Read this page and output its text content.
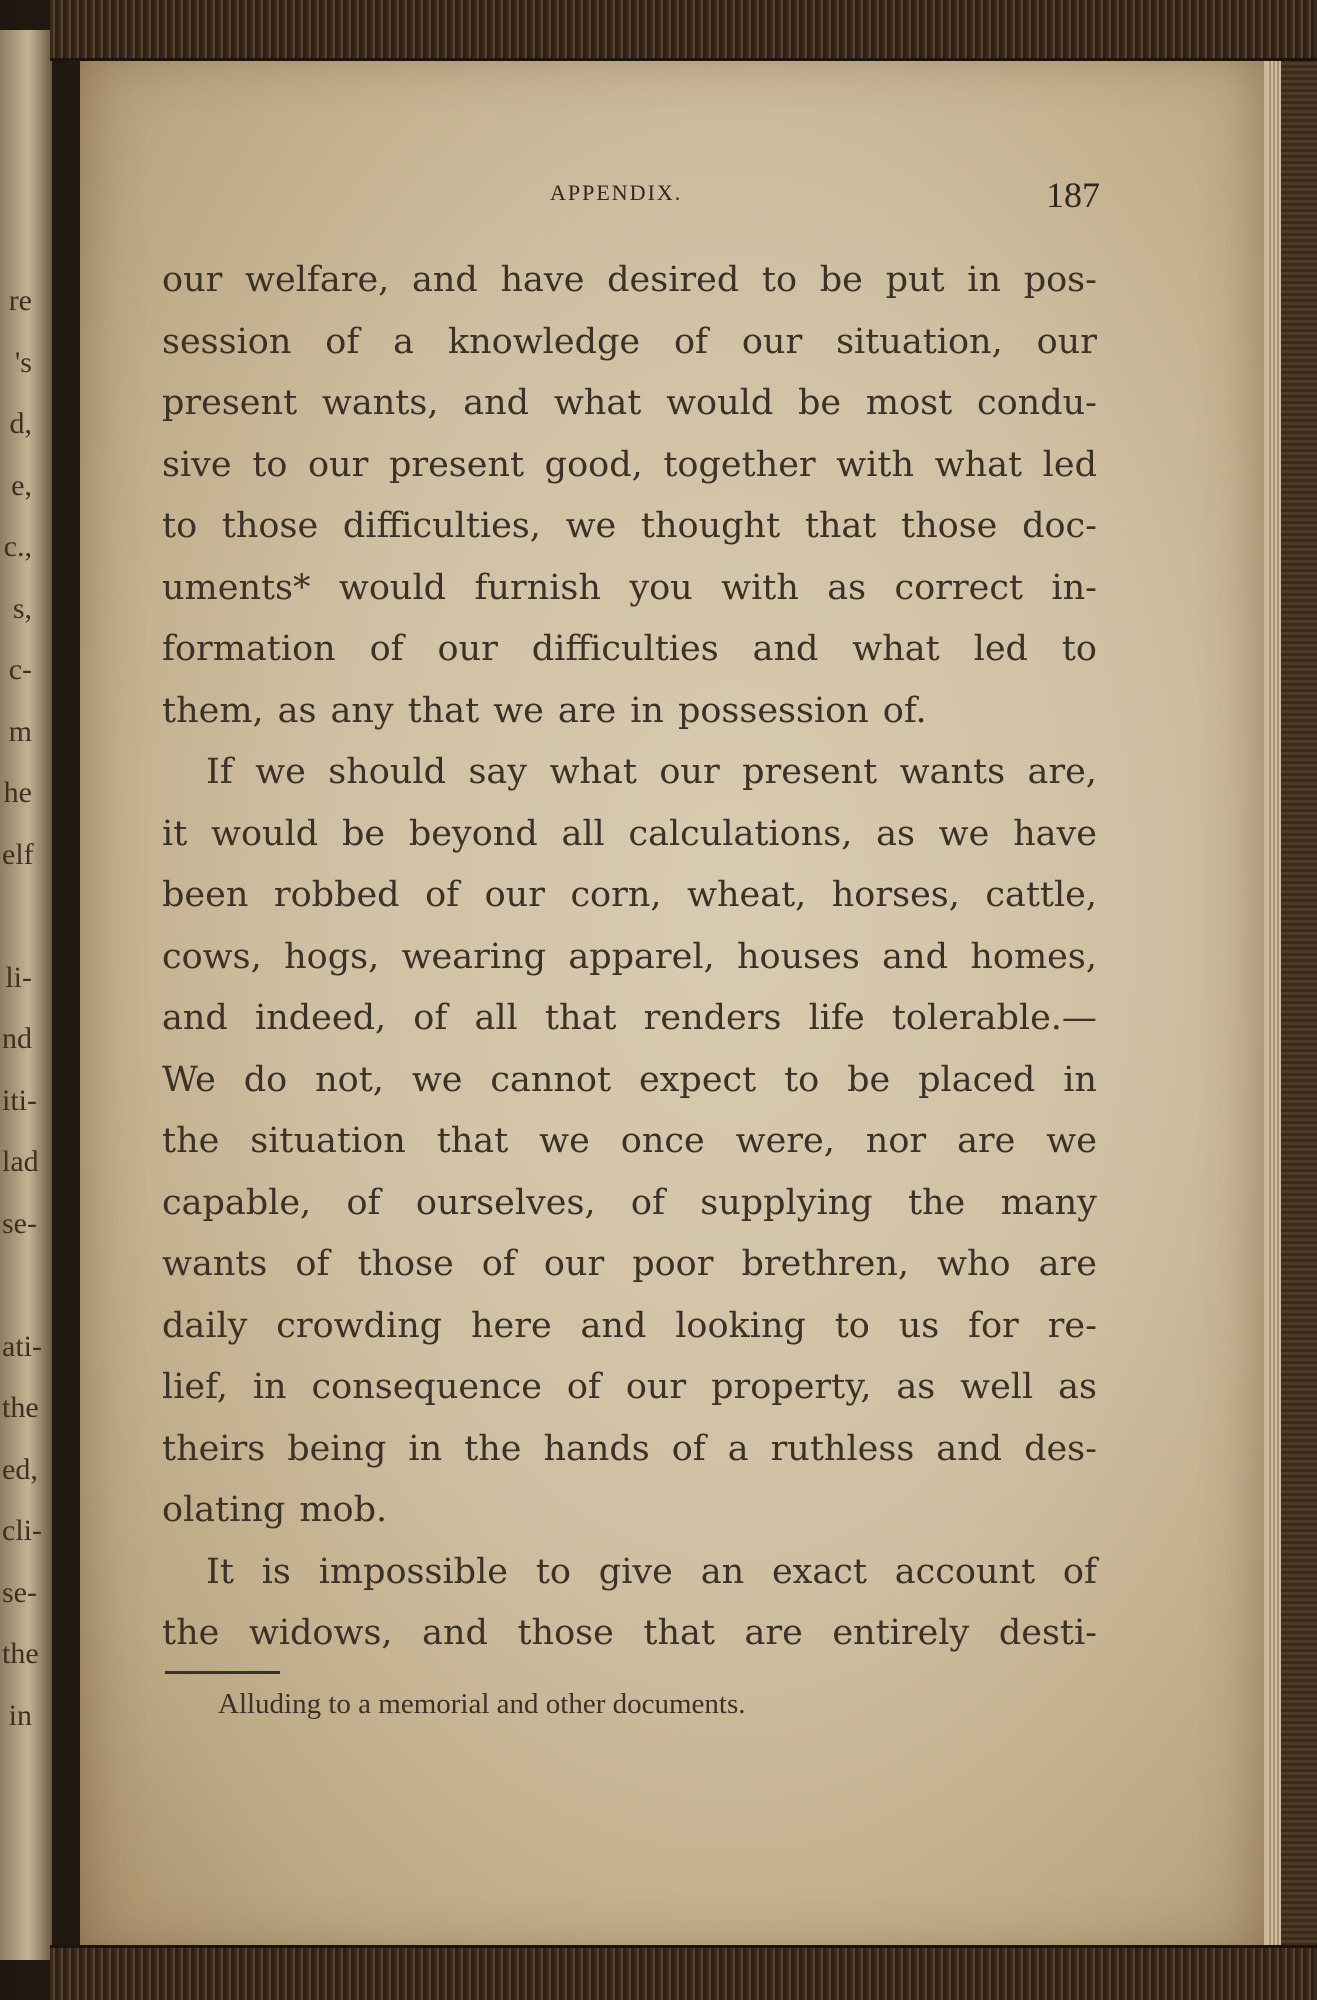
re
's
d,
e,
c.,
s,
c-
m
he
elf
li-
nd
iti-
lad
se-
ati-
the
ed,
cli-
se-
the
in
APPENDIX.	187
our welfare, and have desired to be put in pos-
session of a knowledge of our situation, our
present wants, and what would be most condu-
sive to our present good, together with what led
to those difficulties, we thought that those doc-
uments* would furnish you with as correct in-
formation of our difficulties and what led to
them, as any that we are in possession of.
If we should say what our present wants are,
it would be beyond all calculations, as we have
been robbed of our corn, wheat, horses, cattle,
cows, hogs, wearing apparel, houses and homes,
and indeed, of all that renders life tolerable.—
We do not, we cannot expect to be placed in
the situation that we once were, nor are we
capable, of ourselves, of supplying the many
wants of those of our poor brethren, who are
daily crowding here and looking to us for re-
lief, in consequence of our property, as well as
theirs being in the hands of a ruthless and des-
olating mob.
It is impossible to give an exact account of
the widows, and those that are entirely desti-
Alluding to a memorial and other documents.
